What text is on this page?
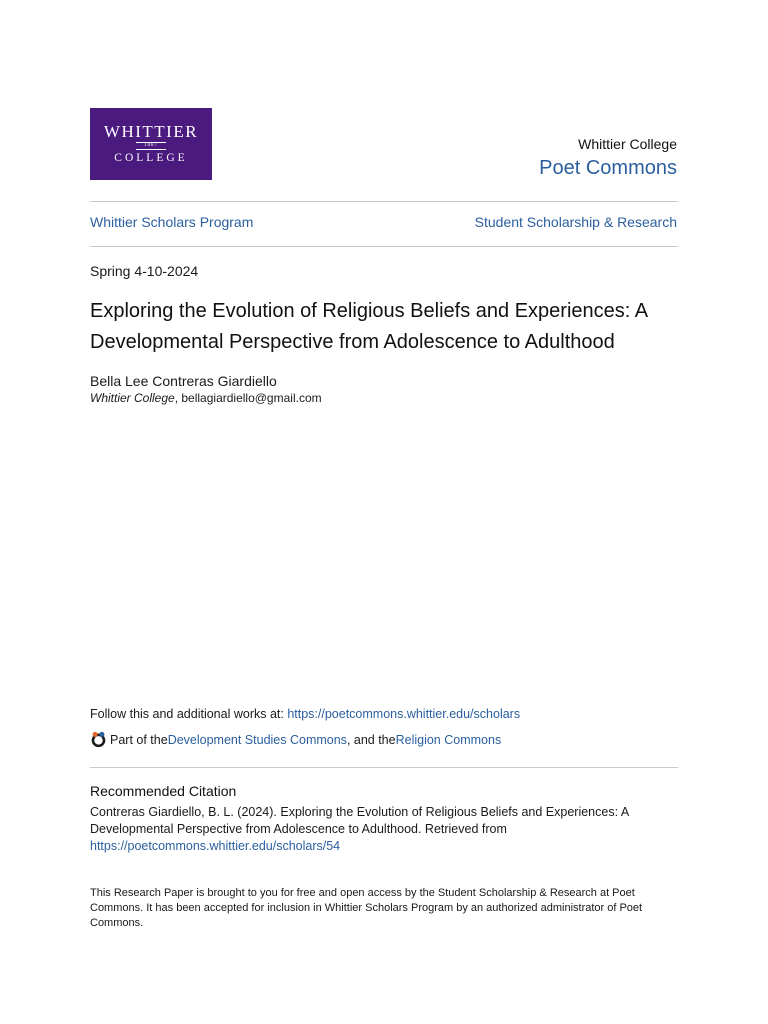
WHITTIER
1887
COLLEGE
Whittier College
Poet Commons
Whittier Scholars Program	Student Scholarship & Research
Spring 4-10-2024
Exploring the Evolution of Religious Beliefs and Experiences: A Developmental Perspective from Adolescence to Adulthood
Bella Lee Contreras Giardiello
Whittier College, bellagiardiello@gmail.com
Follow this and additional works at: https://poetcommons.whittier.edu/scholars
Part of the Development Studies Commons , and the Religion Commons
Recommended Citation
Contreras Giardiello, B. L. (2024). Exploring the Evolution of Religious Beliefs and Experiences: A Developmental Perspective from Adolescence to Adulthood. Retrieved from
https://poetcommons.whittier.edu/scholars/54
This Research Paper is brought to you for free and open access by the Student Scholarship & Research at Poet Commons. It has been accepted for inclusion in Whittier Scholars Program by an authorized administrator of Poet Commons.
